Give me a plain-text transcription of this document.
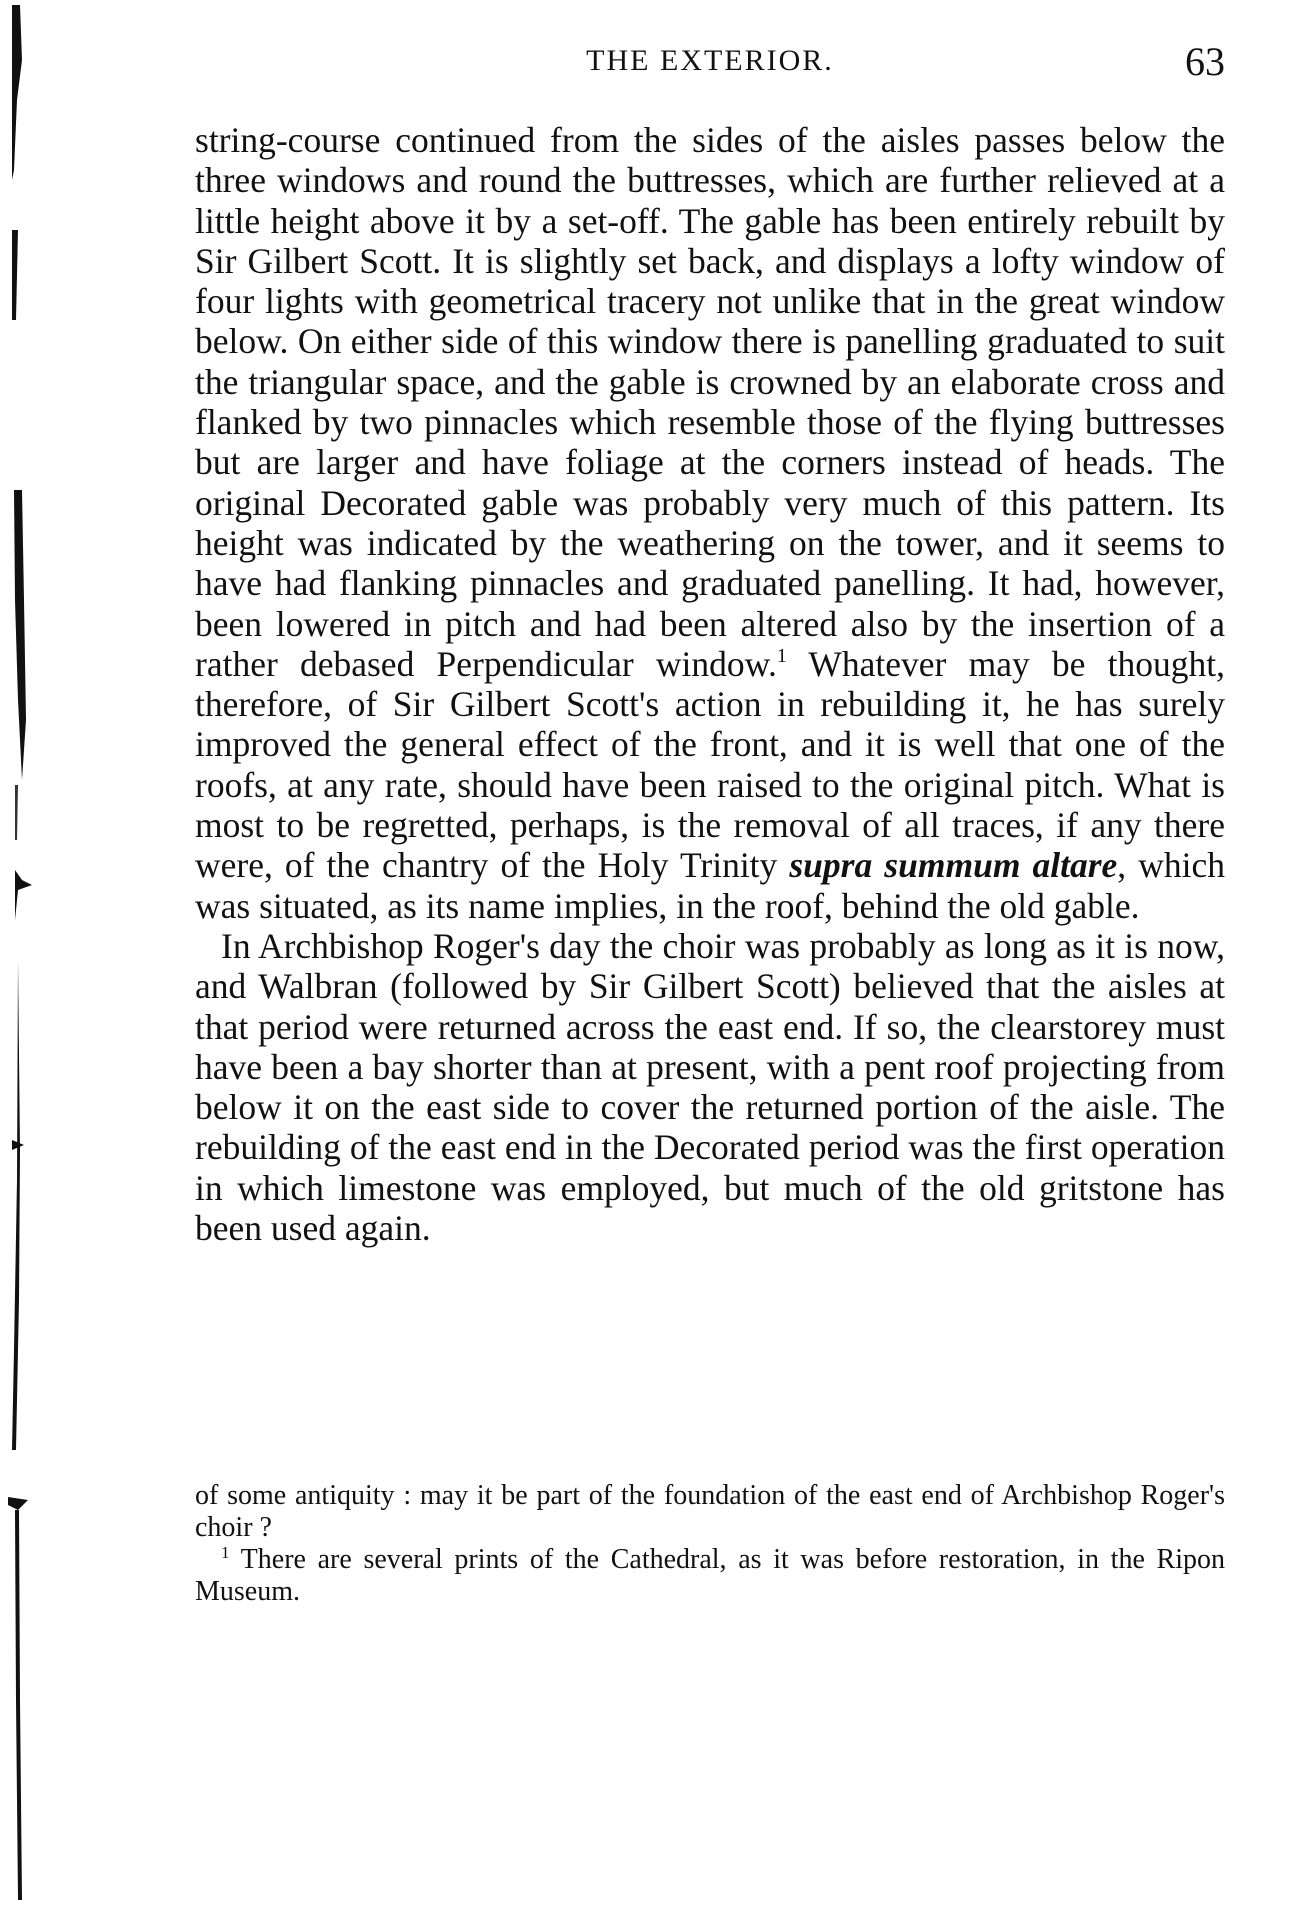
THE EXTERIOR.	63

string-course continued from the sides of the aisles passes below the three windows and round the buttresses, which are further relieved at a little height above it by a set-off. The gable has been entirely rebuilt by Sir Gilbert Scott. It is slightly set back, and displays a lofty window of four lights with geometrical tracery not unlike that in the great window below. On either side of this window there is panelling graduated to suit the triangular space, and the gable is crowned by an elaborate cross and flanked by two pinnacles which resemble those of the flying buttresses but are larger and have foliage at the corners instead of heads. The original Decorated gable was probably very much of this pattern. Its height was indicated by the weathering on the tower, and it seems to have had flanking pinnacles and graduated panelling. It had, however, been lowered in pitch and had been altered also by the insertion of a rather debased Perpendicular window.$^1$ Whatever may be thought, therefore, of Sir Gilbert Scott's action in rebuilding it, he has surely improved the general effect of the front, and it is well that one of the roofs, at any rate, should have been raised to the original pitch. What is most to be regretted, perhaps, is the removal of all traces, if any there were, of the chantry of the Holy Trinity supra summum altare, which was situated, as its name implies, in the roof, behind the old gable.

In Archbishop Roger's day the choir was probably as long as it is now, and Walbran (followed by Sir Gilbert Scott) believed that the aisles at that period were returned across the east end. If so, the clearstorey must have been a bay shorter than at present, with a pent roof projecting from below it on the east side to cover the returned portion of the aisle. The rebuilding of the east end in the Decorated period was the first operation in which limestone was employed, but much of the old gritstone has been used again.

of some antiquity : may it be part of the foundation of the east end of Archbishop Roger's choir ?

$^1$ There are several prints of the Cathedral, as it was before restoration, in the Ripon Museum.
